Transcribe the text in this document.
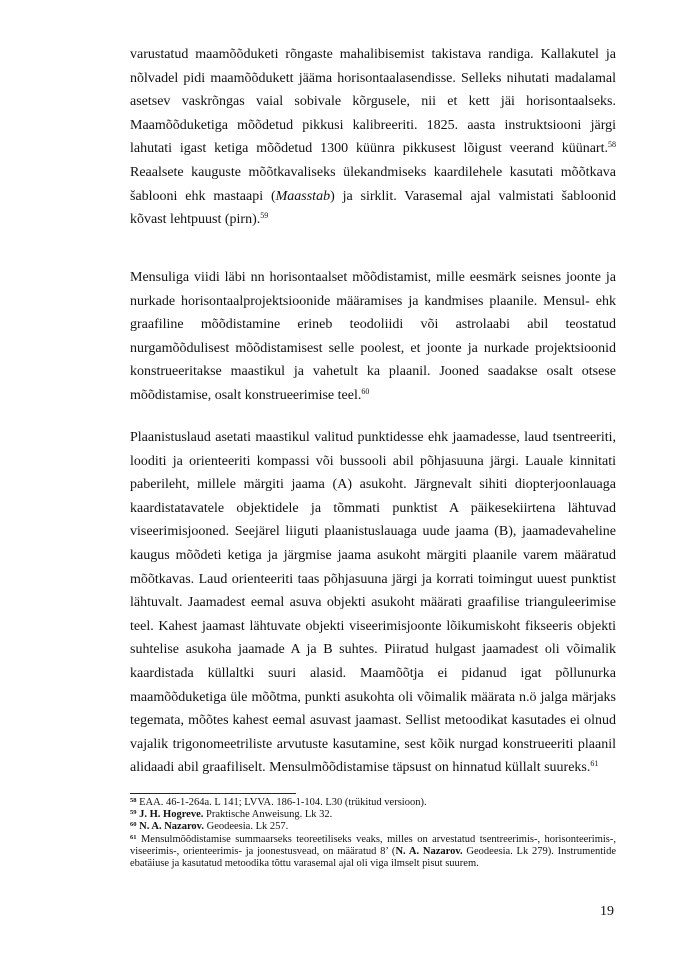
varustatud maamõõduketi rõngaste mahalibisemist takistava randiga. Kallakutel ja nõlvadel pidi maamõõdukett jääma horisontaalasendisse. Selleks nihutati madalamal asetsev vaskrõngas vaial sobivale kõrgusele, nii et kett jäi horisontaalseks. Maamõõduketiga mõõdetud pikkusi kalibreeriti. 1825. aasta instruktsiooni järgi lahutati igast ketiga mõõdetud 1300 küünra pikkusest lõigust veerand küünart.$^{58}$ Reaalsete kauguste mõõtkavaliseks ülekandmiseks kaardilehele kasutati mõõtkava šablooni ehk mastaapi (Maasstab) ja sirklit. Varasemal ajal valmistati šabloonid kõvast lehtpuust (pirn).$^{59}$
Mensuliga viidi läbi nn horisontaalset mõõdistamist, mille eesmärk seisnes joonte ja nurkade horisontaalprojektsioonide määramises ja kandmises plaanile. Mensul- ehk graafiline mõõdistamine erineb teodoliidi või astrolaabi abil teostatud nurgamõõdulisest mõõdistamisest selle poolest, et joonte ja nurkade projektsioonid konstrueeritakse maastikul ja vahetult ka plaanil. Jooned saadakse osalt otsese mõõdistamise, osalt konstrueerimise teel.$^{60}$
Plaanistuslaud asetati maastikul valitud punktidesse ehk jaamadesse, laud tsentreeriti, looditi ja orienteeriti kompassi või bussooli abil põhjasuuna järgi. Lauale kinnitati paberileht, millele märgiti jaama (A) asukoht. Järgnevalt sihiti diopterjoonlauaga kaardistatavatele objektidele ja tõmmati punktist A päikesekiirtena lähtuvad viseerimisjooned. Seejärel liiguti plaanistuslauaga uude jaama (B), jaamadevaheline kaugus mõõdeti ketiga ja järgmise jaama asukoht märgiti plaanile varem määratud mõõtkavas. Laud orienteeriti taas põhjasuuna järgi ja korrati toimingut uuest punktist lähtuvalt. Jaamadest eemal asuva objekti asukoht määrati graafilise trianguleerimise teel. Kahest jaamast lähtuvate objekti viseerimisjoonte lõikumiskoht fikseeris objekti suhtelise asukoha jaamade A ja B suhtes. Piiratud hulgast jaamadest oli võimalik kaardistada küllaltki suuri alasid. Maamõõtja ei pidanud igat põllunurka maamõõduketiga üle mõõtma, punkti asukohta oli võimalik määrata n.ö jalga märjaks tegemata, mõõtes kahest eemal asuvast jaamast. Sellist metoodikat kasutades ei olnud vajalik trigonomeetriliste arvutuste kasutamine, sest kõik nurgad konstrueeriti plaanil alidaadi abil graafiliselt. Mensulmõõdistamise täpsust on hinnatud küllalt suureks.$^{61}$

$^{58}$ EAA. 46-1-264a. L 141; LVVA. 186-1-104. L30 (trükitud versioon).

$^{59}$ J. H. Hogreve. Praktische Anweisung. Lk 32.

$^{60}$ N. A. Nazarov. Geodeesia. Lk 257.

$^{61}$ Mensulmõõdistamise summaarseks teoreetiliseks veaks, milles on arvestatud tsentreerimis-, horisonteerimis-, viseerimis-, orienteerimis- ja joonestusvead, on määratud 8’ (N. A. Nazarov. Geodeesia. Lk 279). Instrumentide ebatäiuse ja kasutatud metoodika tõttu varasemal ajal oli viga ilmselt pisut suurem.

19
